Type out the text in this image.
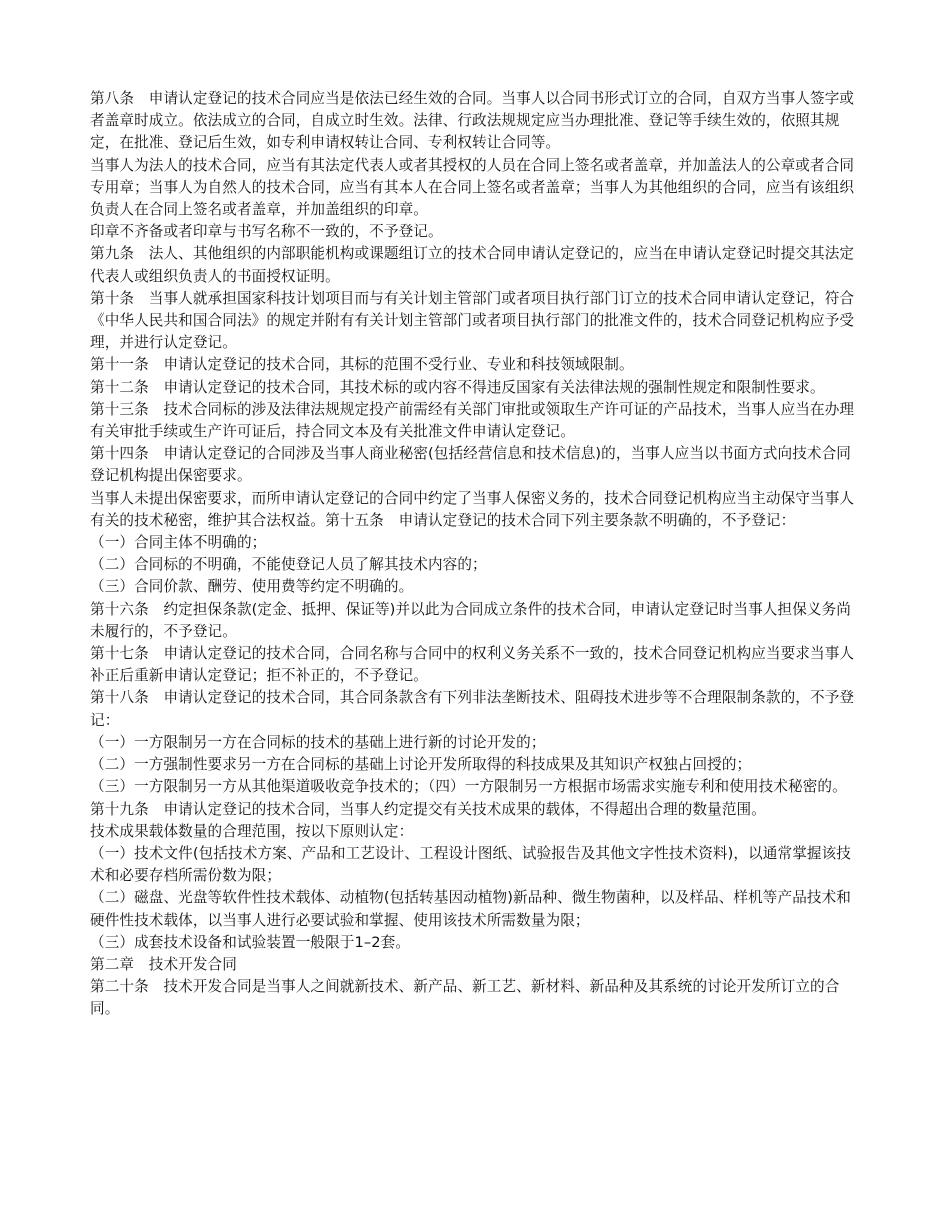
第八条　申请认定登记的技术合同应当是依法已经生效的合同。当事人以合同书形式订立的合同，自双方当事人签字或者盖章时成立。依法成立的合同，自成立时生效。法律、行政法规规定应当办理批准、登记等手续生效的，依照其规定，在批准、登记后生效，如专利申请权转让合同、专利权转让合同等。

当事人为法人的技术合同，应当有其法定代表人或者其授权的人员在合同上签名或者盖章，并加盖法人的公章或者合同专用章；当事人为自然人的技术合同，应当有其本人在合同上签名或者盖章；当事人为其他组织的合同，应当有该组织负责人在合同上签名或者盖章，并加盖组织的印章。

印章不齐备或者印章与书写名称不一致的，不予登记。

第九条　法人、其他组织的内部职能机构或课题组订立的技术合同申请认定登记的，应当在申请认定登记时提交其法定代表人或组织负责人的书面授权证明。

第十条　当事人就承担国家科技计划项目而与有关计划主管部门或者项目执行部门订立的技术合同申请认定登记，符合《中华人民共和国合同法》的规定并附有有关计划主管部门或者项目执行部门的批准文件的，技术合同登记机构应予受理，并进行认定登记。

第十一条　申请认定登记的技术合同，其标的范围不受行业、专业和科技领域限制。

第十二条　申请认定登记的技术合同，其技术标的或内容不得违反国家有关法律法规的强制性规定和限制性要求。

第十三条　技术合同标的涉及法律法规规定投产前需经有关部门审批或领取生产许可证的产品技术，当事人应当在办理有关审批手续或生产许可证后，持合同文本及有关批准文件申请认定登记。

第十四条　申请认定登记的合同涉及当事人商业秘密(包括经营信息和技术信息)的，当事人应当以书面方式向技术合同登记机构提出保密要求。

当事人未提出保密要求，而所申请认定登记的合同中约定了当事人保密义务的，技术合同登记机构应当主动保守当事人有关的技术秘密，维护其合法权益。第十五条　申请认定登记的技术合同下列主要条款不明确的，不予登记：

（一）合同主体不明确的；

（二）合同标的不明确，不能使登记人员了解其技术内容的；

（三）合同价款、酬劳、使用费等约定不明确的。

第十六条　约定担保条款(定金、抵押、保证等)并以此为合同成立条件的技术合同，申请认定登记时当事人担保义务尚未履行的，不予登记。

第十七条　申请认定登记的技术合同，合同名称与合同中的权利义务关系不一致的，技术合同登记机构应当要求当事人补正后重新申请认定登记；拒不补正的，不予登记。

第十八条　申请认定登记的技术合同，其合同条款含有下列非法垄断技术、阻碍技术进步等不合理限制条款的，不予登记：

（一）一方限制另一方在合同标的技术的基础上进行新的讨论开发的；

（二）一方强制性要求另一方在合同标的基础上讨论开发所取得的科技成果及其知识产权独占回授的；

（三）一方限制另一方从其他渠道吸收竞争技术的；（四）一方限制另一方根据市场需求实施专利和使用技术秘密的。

第十九条　申请认定登记的技术合同，当事人约定提交有关技术成果的载体，不得超出合理的数量范围。

技术成果载体数量的合理范围，按以下原则认定：

（一）技术文件(包括技术方案、产品和工艺设计、工程设计图纸、试验报告及其他文字性技术资料)，以通常掌握该技术和必要存档所需份数为限；

（二）磁盘、光盘等软件性技术载体、动植物(包括转基因动植物)新品种、微生物菌种，以及样品、样机等产品技术和硬件性技术载体，以当事人进行必要试验和掌握、使用该技术所需数量为限；

（三）成套技术设备和试验装置一般限于1–2套。

第二章　技术开发合同

第二十条　技术开发合同是当事人之间就新技术、新产品、新工艺、新材料、新品种及其系统的讨论开发所订立的合同。
